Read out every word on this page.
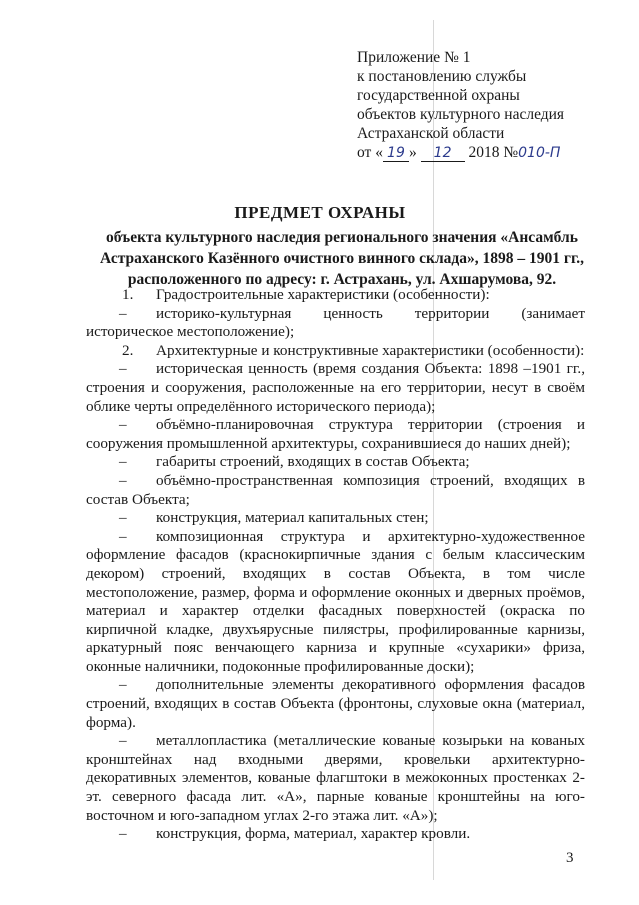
Приложение № 1
к постановлению службы
государственной охраны
объектов культурного наследия
Астраханской области
от « 19 » 12 2018 №010-П
ПРЕДМЕТ ОХРАНЫ
объекта культурного наследия регионального значения «Ансамбль
Астраханского Казённого очистного винного склада», 1898 – 1901 гг.,
расположенного по адресу: г. Астрахань, ул. Ахшарумова, 92.

1. Градостроительные характеристики (особенности):

– историко-культурная ценность территории (занимает историческое местоположение);

2. Архитектурные и конструктивные характеристики (особенности):

– историческая ценность (время создания Объекта: 1898 –1901 гг., строения и сооружения, расположенные на его территории, несут в своём облике черты определённого исторического периода);

– объёмно-планировочная структура территории (строения и сооружения промышленной архитектуры, сохранившиеся до наших дней);

– габариты строений, входящих в состав Объекта;

– объёмно-пространственная композиция строений, входящих в состав Объекта;

– конструкция, материал капитальных стен;

– композиционная структура и архитектурно-художественное оформление фасадов (краснокирпичные здания с белым классическим декором) строений, входящих в состав Объекта, в том числе местоположение, размер, форма и оформление оконных и дверных проёмов, материал и характер отделки фасадных поверхностей (окраска по кирпичной кладке, двухъярусные пилястры, профилированные карнизы, аркатурный пояс венчающего карниза и крупные «сухарики» фриза, оконные наличники, подоконные профилированные доски);

– дополнительные элементы декоративного оформления фасадов строений, входящих в состав Объекта (фронтоны, слуховые окна (материал, форма).

– металлопластика (металлические кованые козырьки на кованых кронштейнах над входными дверями, кровельки архитектурно-декоративных элементов, кованые флагштоки в межоконных простенках 2- эт. северного фасада лит. «А», парные кованые кронштейны на юго-восточном и юго-западном углах 2-го этажа лит. «А»);

– конструкция, форма, материал, характер кровли.

3
